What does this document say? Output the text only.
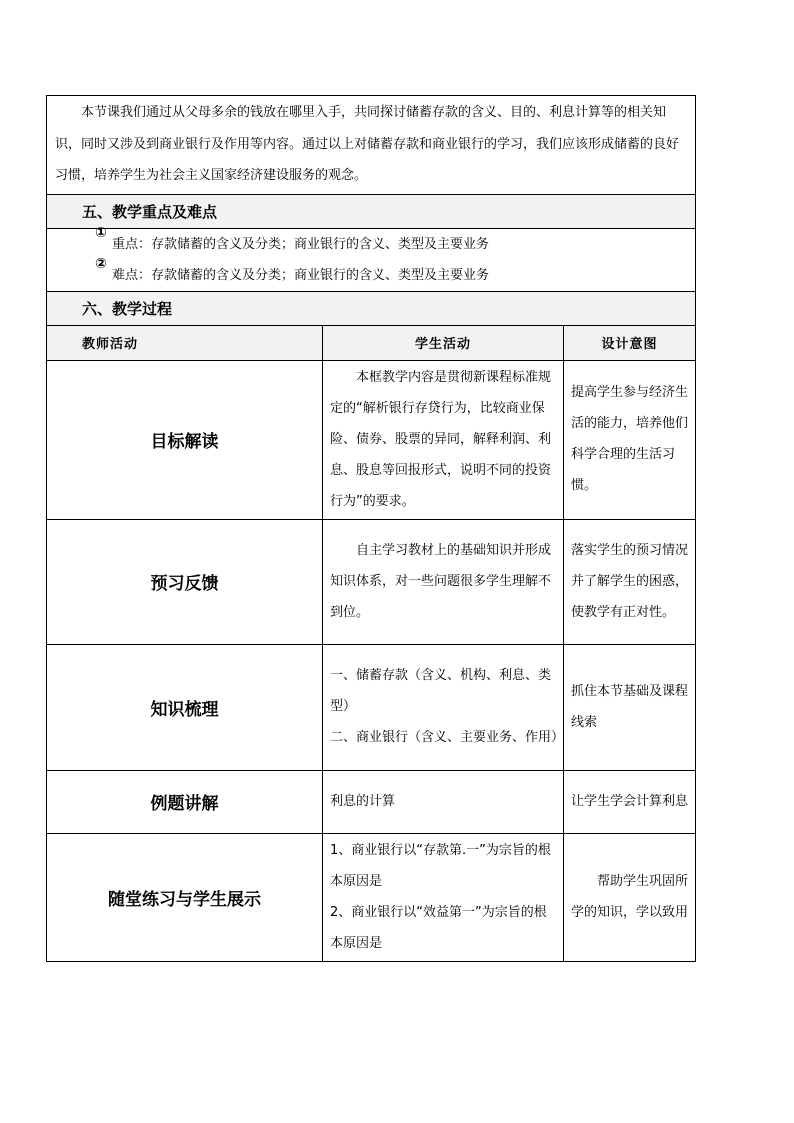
本节课我们通过从父母多余的钱放在哪里入手，共同探讨储蓄存款的含义、目的、利息计算等的相关知识，同时又涉及到商业银行及作用等内容。通过以上对储蓄存款和商业银行的学习，我们应该形成储蓄的良好习惯，培养学生为社会主义国家经济建设服务的观念。

五、教学重点及难点

①
重点：存款储蓄的含义及分类；商业银行的含义、类型及主要业务
②
难点：存款储蓄的含义及分类；商业银行的含义、类型及主要业务

六、教学过程
教师活动	学生活动	设计意图
目标解读	本框教学内容是贯彻新课程标准规定的“解析银行存贷行为，比较商业保险、债券、股票的异同，解释利润、利息、股息等回报形式，说明不同的投资行为”的要求。	提高学生参与经济生活的能力，培养他们科学合理的生活习惯。
预习反馈	自主学习教材上的基础知识并形成知识体系，对一些问题很多学生理解不到位。	落实学生的预习情况并了解学生的困惑，使教学有正对性。
知识梳理	一、储蓄存款（含义、机构、利息、类型）

二、商业银行（含义、主要业务、作用）	抓住本节基础及课程线索
例题讲解	利息的计算	让学生学会计算利息
随堂练习与学生展示	1、商业银行以“存款第.一”为宗旨的根本原因是

2、商业银行以“效益第一”为宗旨的根本原因是	帮助学生巩固所学的知识，学以致用
